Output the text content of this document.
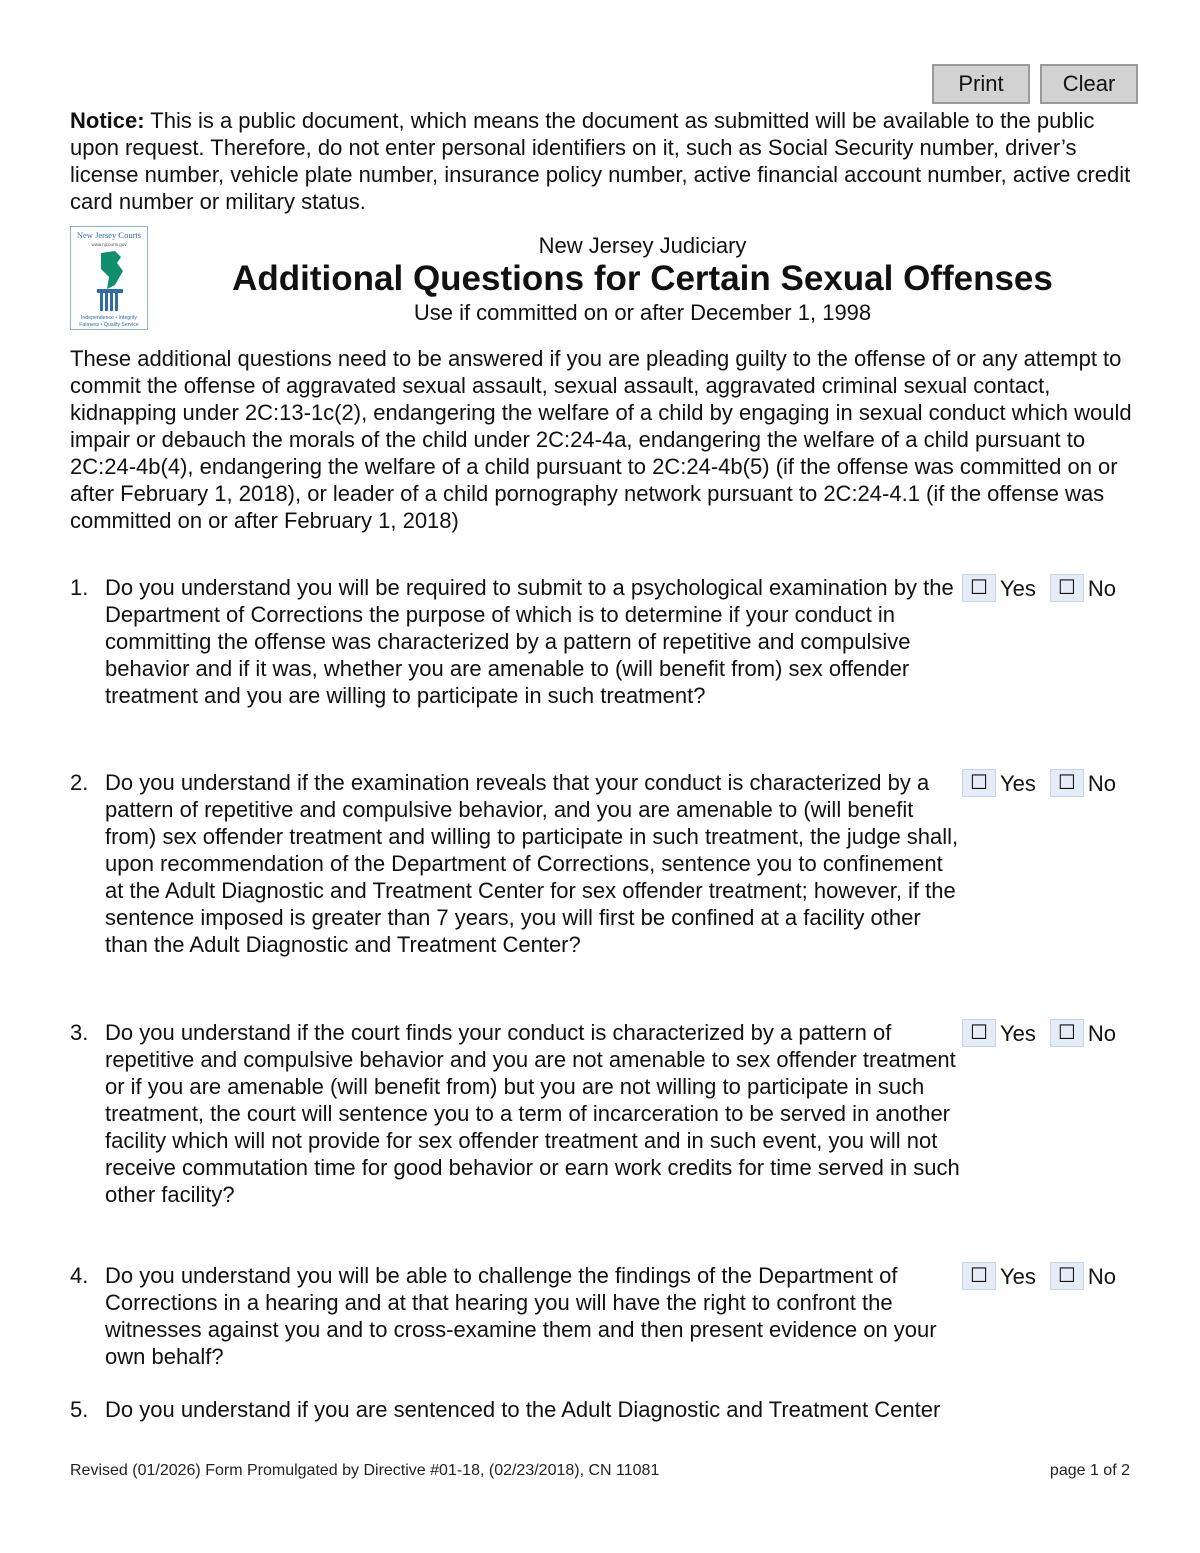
Print	Clear

Notice: This is a public document, which means the document as submitted will be available to the public upon request. Therefore, do not enter personal identifiers on it, such as Social Security number, driver’s license number, vehicle plate number, insurance policy number, active financial account number, active credit card number or military status.

New Jersey Courts
www.njcourts.gov
Independence • Integrity
Fairness • Quality Service

New Jersey Judiciary

Additional Questions for Certain Sexual Offenses

Use if committed on or after December 1, 1998

These additional questions need to be answered if you are pleading guilty to the offense of or any attempt to commit the offense of aggravated sexual assault, sexual assault, aggravated criminal sexual contact, kidnapping under 2C:13-1c(2), endangering the welfare of a child by engaging in sexual conduct which would impair or debauch the morals of the child under 2C:24-4a, endangering the welfare of a child pursuant to 2C:24-4b(4), endangering the welfare of a child pursuant to 2C:24-4b(5) (if the offense was committed on or after February 1, 2018), or leader of a child pornography network pursuant to 2C:24-4.1 (if the offense was committed on or after February 1, 2018)

1. Do you understand you will be required to submit to a psychological examination by the Department of Corrections the purpose of which is to determine if your conduct in committing the offense was characterized by a pattern of repetitive and compulsive behavior and if it was, whether you are amenable to (will benefit from) sex offender treatment and you are willing to participate in such treatment?

☐ Yes	☐ No
2. Do you understand if the examination reveals that your conduct is characterized by a pattern of repetitive and compulsive behavior, and you are amenable to (will benefit from) sex offender treatment and willing to participate in such treatment, the judge shall, upon recommendation of the Department of Corrections, sentence you to confinement at the Adult Diagnostic and Treatment Center for sex offender treatment; however, if the sentence imposed is greater than 7 years, you will first be confined at a facility other than the Adult Diagnostic and Treatment Center?

☐ Yes	☐ No
3. Do you understand if the court finds your conduct is characterized by a pattern of repetitive and compulsive behavior and you are not amenable to sex offender treatment or if you are amenable (will benefit from) but you are not willing to participate in such treatment, the court will sentence you to a term of incarceration to be served in another facility which will not provide for sex offender treatment and in such event, you will not receive commutation time for good behavior or earn work credits for time served in such other facility?

☐ Yes	☐ No
4. Do you understand you will be able to challenge the findings of the Department of Corrections in a hearing and at that hearing you will have the right to confront the witnesses against you and to cross-examine them and then present evidence on your own behalf?

☐ Yes	☐ No
5. Do you understand if you are sentenced to the Adult Diagnostic and Treatment Center

Revised (01/2026) Form Promulgated by Directive #01-18, (02/23/2018), CN 11081	page 1 of 2
